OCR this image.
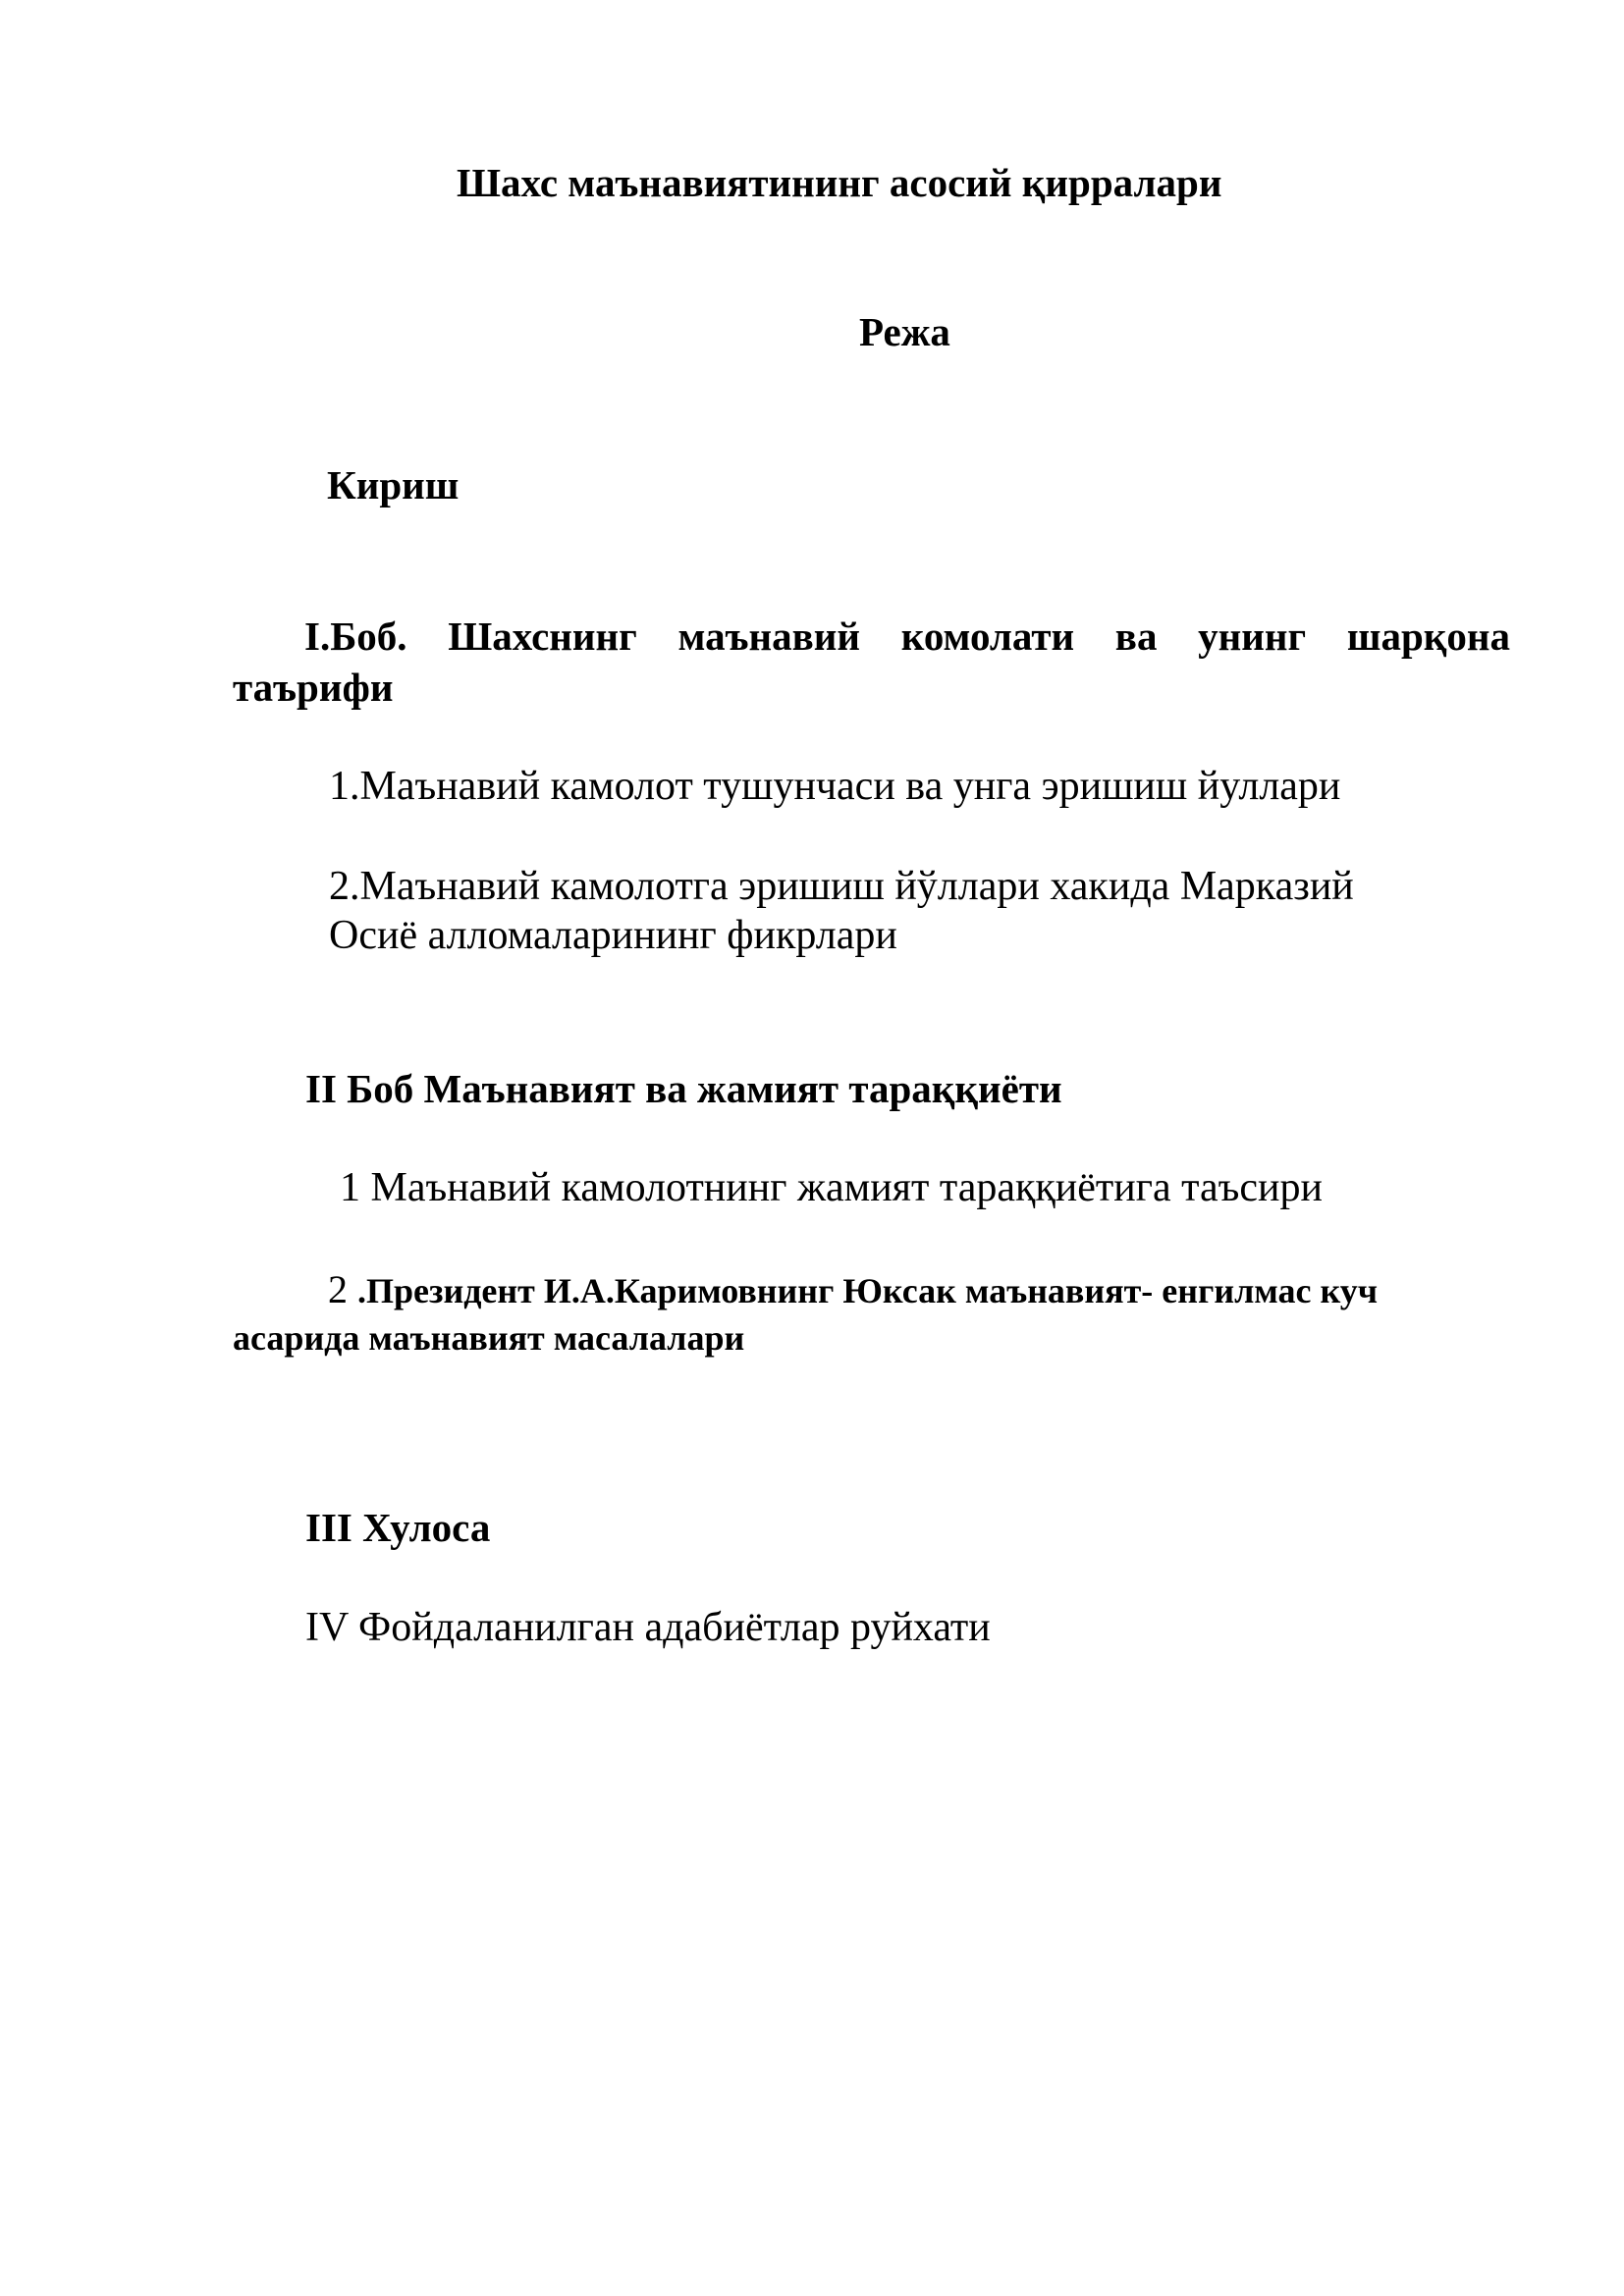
Шахс маънавиятининг асосий қирралари
Режа
Кириш
I.Боб. Шахснинг маънавий комолати ва унинг шарқона
таърифи
1.Маънавий камолот тушунчаси ва унга эришиш йуллари
2.Маънавий камолотга эришиш йўллари хакида Марказий
Осиё алломаларининг фикрлари
II Боб Маънавият ва жамият тараққиёти
1 Маънавий камолотнинг жамият тараққиётига таъсири
2 .Президент И.А.Каримовнинг Юксак маънавият- енгилмас куч
асарида маънавият масалалари
III Хулоса
IV Фойдаланилган адабиётлар руйхати
